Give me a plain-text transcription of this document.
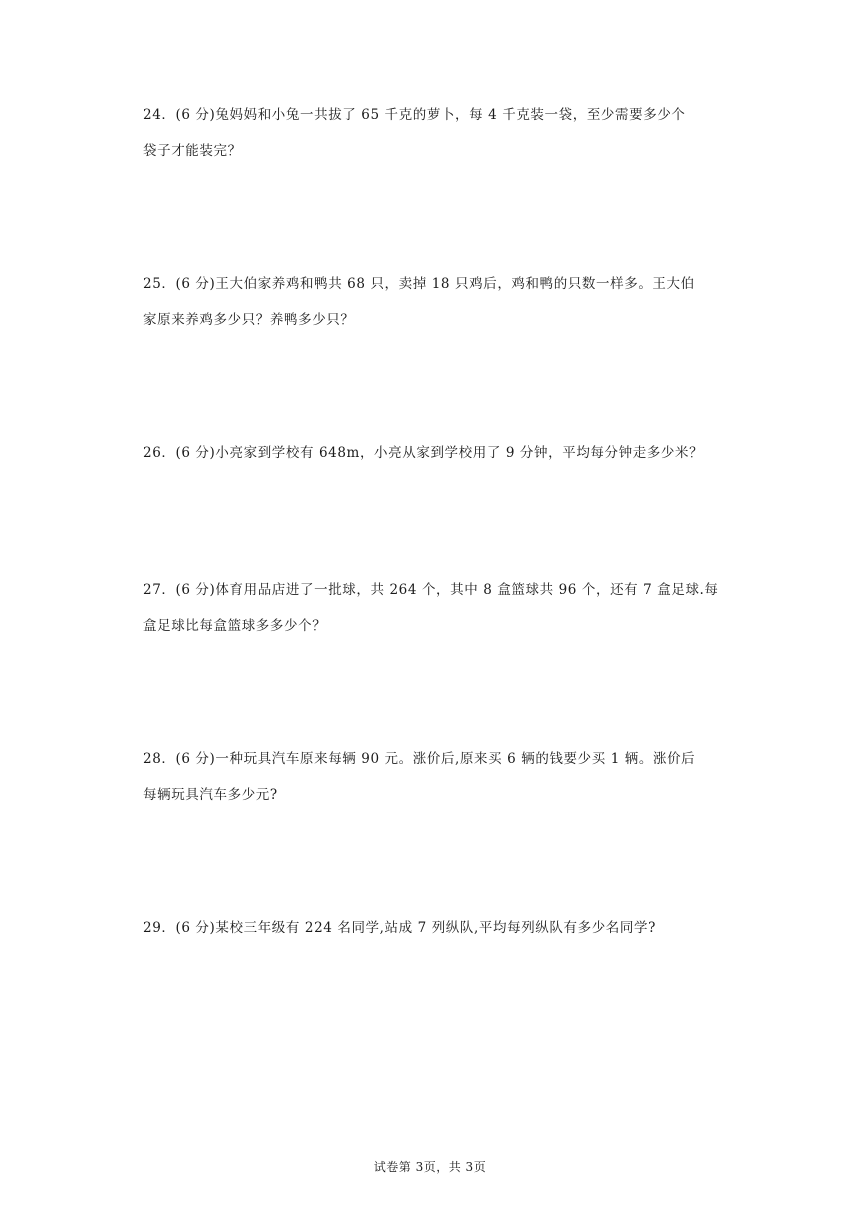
24．(6 分)兔妈妈和小兔一共拔了 65 千克的萝卜，每 4 千克装一袋，至少需要多少个

袋子才能装完？

25．(6 分)王大伯家养鸡和鸭共 68 只，卖掉 18 只鸡后，鸡和鸭的只数一样多。王大伯

家原来养鸡多少只？养鸭多少只？

26．(6 分)小亮家到学校有 648m，小亮从家到学校用了 9 分钟，平均每分钟走多少米？

27．(6 分)体育用品店进了一批球，共 264 个，其中 8 盒篮球共 96 个，还有 7 盒足球.每

盒足球比每盒篮球多多少个？

28．(6 分)一种玩具汽车原来每辆 90 元。涨价后,原来买 6 辆的钱要少买 1 辆。涨价后

每辆玩具汽车多少元?

29．(6 分)某校三年级有 224 名同学,站成 7 列纵队,平均每列纵队有多少名同学?

试卷第 3页，共 3页
